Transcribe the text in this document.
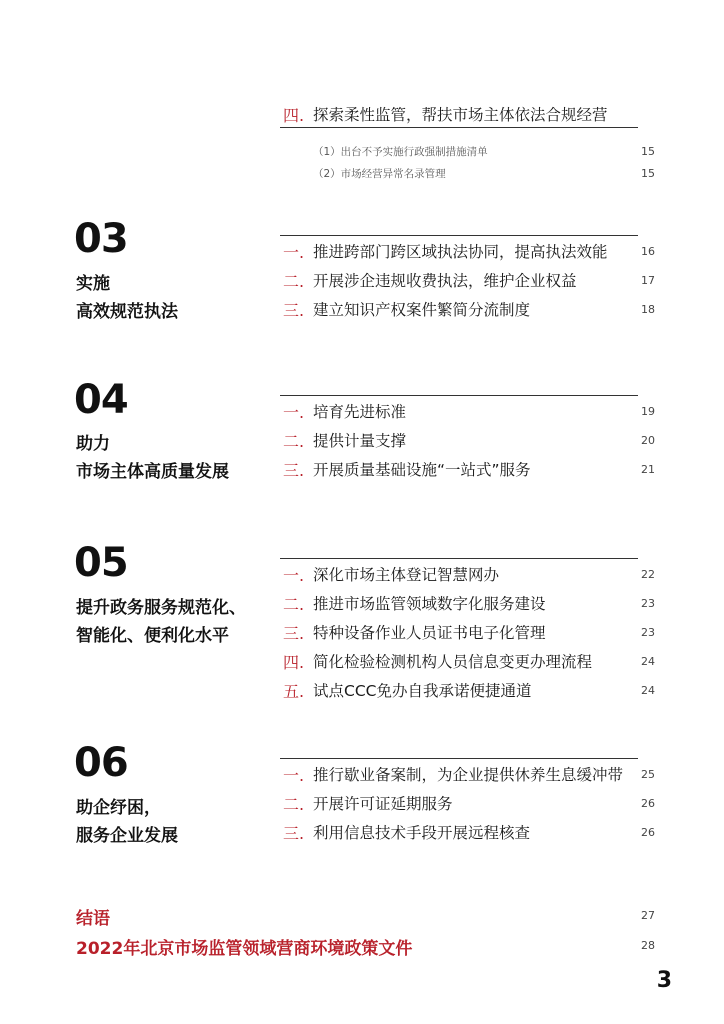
四. 探索柔性监管，帮扶市场主体依法合规经营
（1）出台不予实施行政强制措施清单	15
（2）市场经营异常名录管理	15
03
实施
高效规范执法
一. 推进跨部门跨区域执法协同，提高执法效能	16
二. 开展涉企违规收费执法，维护企业权益	17
三. 建立知识产权案件繁简分流制度	18
04
助力
市场主体高质量发展
一. 培育先进标准	19
二. 提供计量支撑	20
三. 开展质量基础设施“一站式”服务	21
05
提升政务服务规范化、
智能化、便利化水平
一. 深化市场主体登记智慧网办	22
二. 推进市场监管领域数字化服务建设	23
三. 特种设备作业人员证书电子化管理	23
四. 简化检验检测机构人员信息变更办理流程	24
五. 试点CCC免办自我承诺便捷通道	24
06
助企纾困，
服务企业发展
一. 推行歇业备案制，为企业提供休养生息缓冲带	25
二. 开展许可证延期服务	26
三. 利用信息技术手段开展远程核查	26
结语	27
2022年北京市场监管领域营商环境政策文件	28
3
